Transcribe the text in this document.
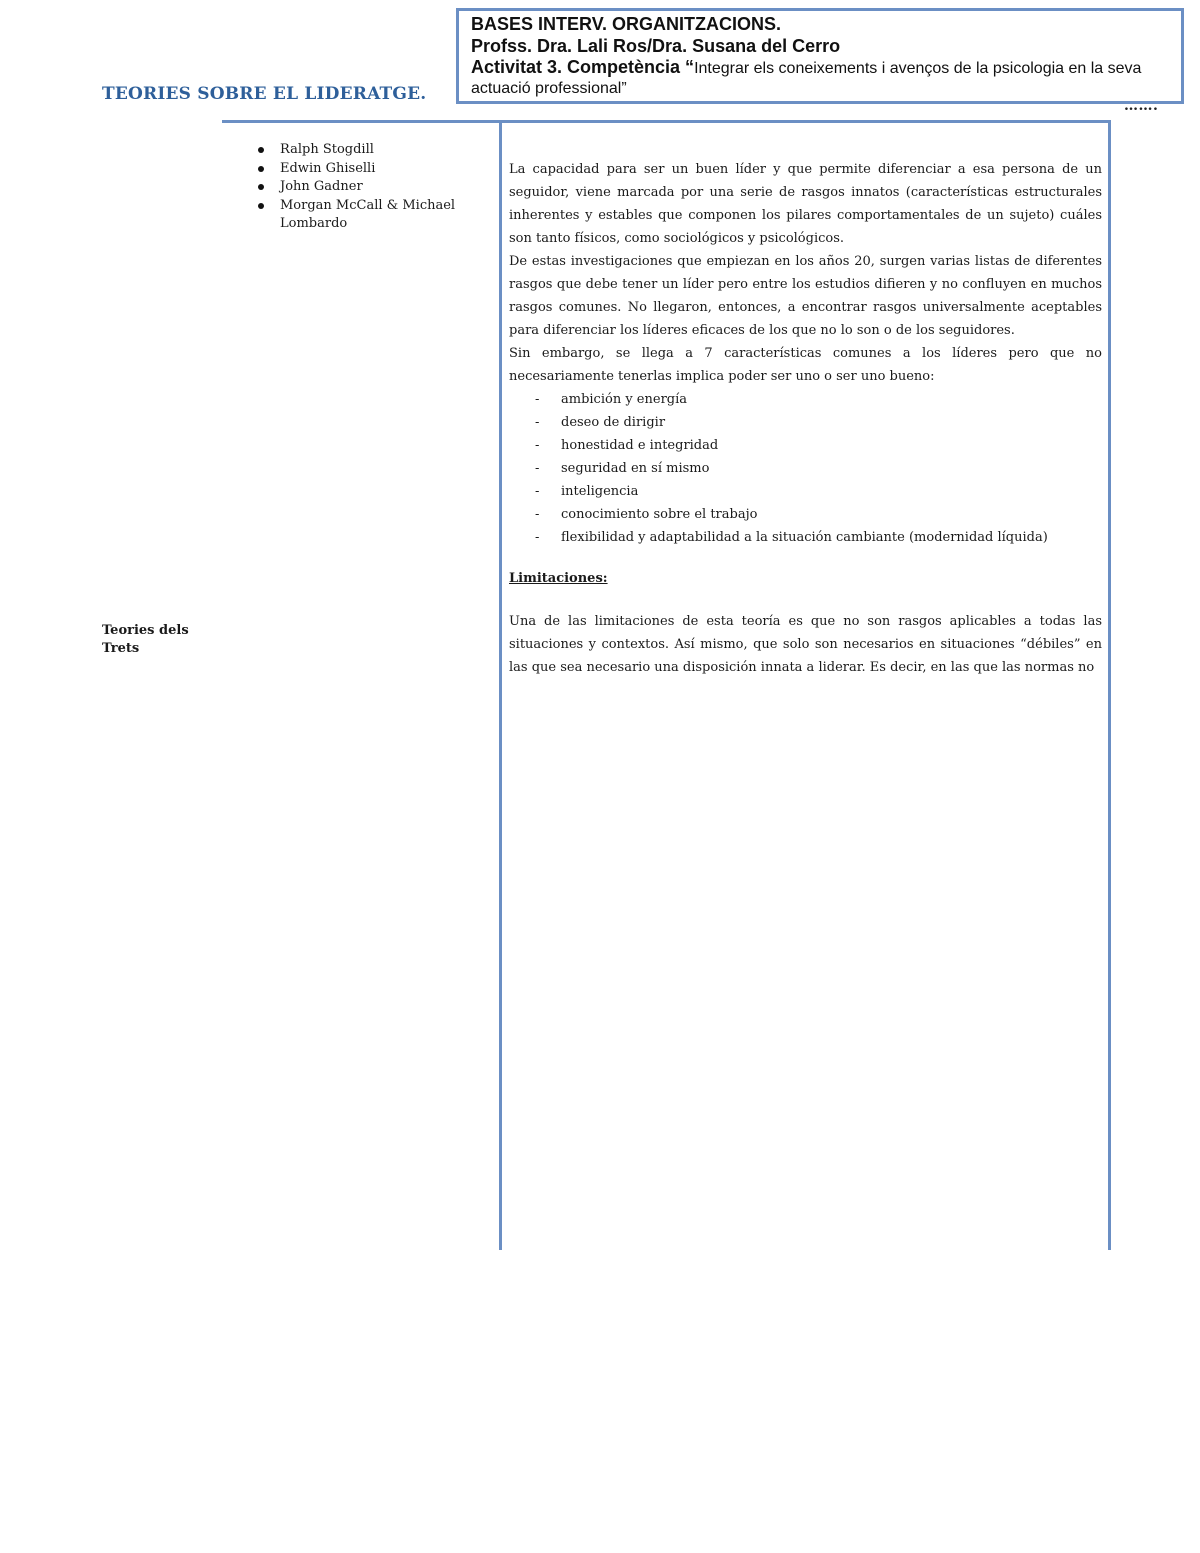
BASES INTERV. ORGANITZACIONS.
Profss. Dra. Lali Ros/Dra. Susana del Cerro
Activitat 3. Competència “Integrar els coneixements i avenços de la psicologia en la seva actuació professional”
TEORIES SOBRE EL LIDERATGE.
…….
Ralph Stogdill
Edwin Ghiselli
John Gadner
Morgan McCall & Michael Lombardo
Teories dels Trets

La capacidad para ser un buen líder y que permite diferenciar a esa persona de un seguidor, viene marcada por una serie de rasgos innatos (características estructurales inherentes y estables que componen los pilares comportamentales de un sujeto) cuáles son tanto físicos, como sociológicos y psicológicos.

De estas investigaciones que empiezan en los años 20, surgen varias listas de diferentes rasgos que debe tener un líder pero entre los estudios difieren y no confluyen en muchos rasgos comunes. No llegaron, entonces, a encontrar rasgos universalmente aceptables para diferenciar los líderes eficaces de los que no lo son o de los seguidores.

Sin embargo, se llega a 7 características comunes a los líderes pero que no necesariamente tenerlas implica poder ser uno o ser uno bueno:

- ambición y energía
- deseo de dirigir
- honestidad e integridad
- seguridad en sí mismo
- inteligencia
- conocimiento sobre el trabajo
- flexibilidad y adaptabilidad a la situación cambiante (modernidad líquida)

Limitaciones:

Una de las limitaciones de esta teoría es que no son rasgos aplicables a todas las situaciones y contextos. Así mismo, que solo son necesarios en situaciones “débiles” en las que sea necesario una disposición innata a liderar. Es decir, en las que las normas no
